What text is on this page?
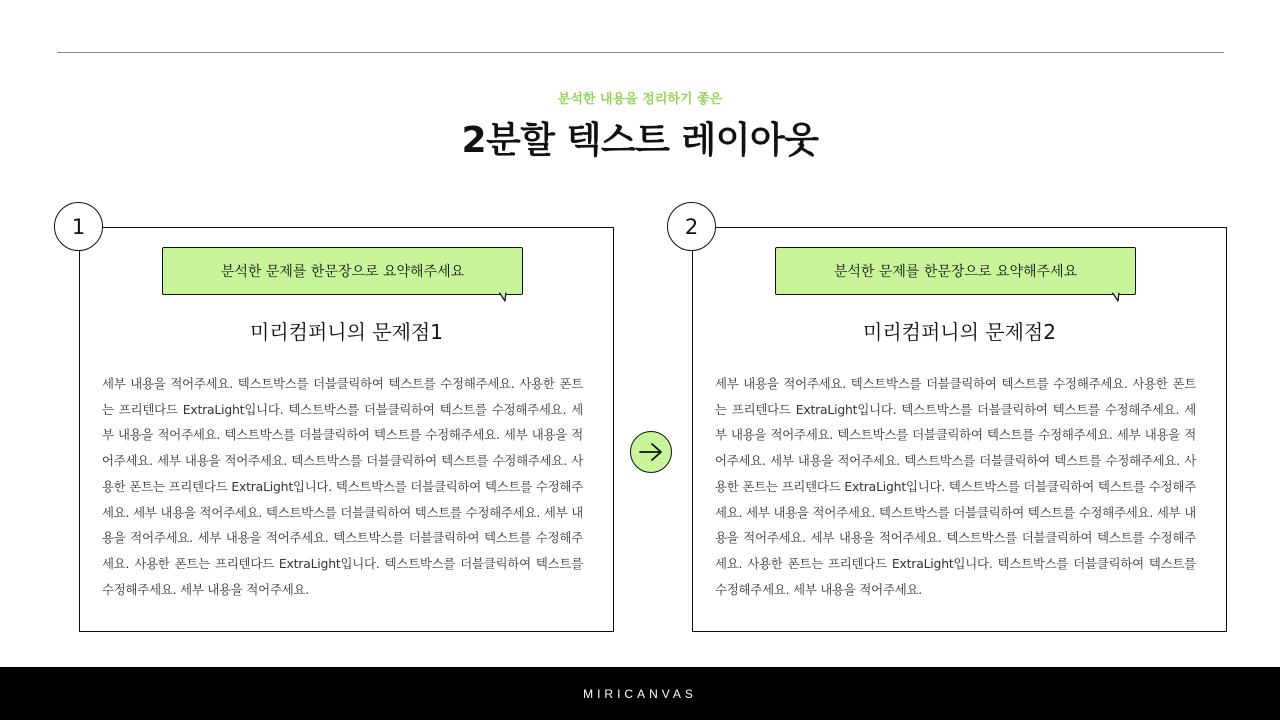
분석한 내용을 정리하기 좋은
2분할 텍스트 레이아웃
분석한 문제를 한문장으로 요약해주세요
미리컴퍼니의 문제점1
세부 내용을 적어주세요. 텍스트박스를 더블클릭하여 텍스트를 수정해주세요. 사용한 폰트는 프리텐다드 ExtraLight입니다. 텍스트박스를 더블클릭하여 텍스트를 수정해주세요. 세부 내용을 적어주세요. 텍스트박스를 더블클릭하여 텍스트를 수정해주세요. 세부 내용을 적어주세요. 세부 내용을 적어주세요. 텍스트박스를 더블클릭하여 텍스트를 수정해주세요. 사용한 폰트는 프리텐다드 ExtraLight입니다. 텍스트박스를 더블클릭하여 텍스트를 수정해주세요. 세부 내용을 적어주세요. 텍스트박스를 더블클릭하여 텍스트를 수정해주세요. 세부 내용을 적어주세요. 세부 내용을 적어주세요. 텍스트박스를 더블클릭하여 텍스트를 수정해주세요. 사용한 폰트는 프리텐다드 ExtraLight입니다. 텍스트박스를 더블클릭하여 텍스트를 수정해주세요. 세부 내용을 적어주세요.
1
분석한 문제를 한문장으로 요약해주세요
미리컴퍼니의 문제점2
세부 내용을 적어주세요. 텍스트박스를 더블클릭하여 텍스트를 수정해주세요. 사용한 폰트는 프리텐다드 ExtraLight입니다. 텍스트박스를 더블클릭하여 텍스트를 수정해주세요. 세부 내용을 적어주세요. 텍스트박스를 더블클릭하여 텍스트를 수정해주세요. 세부 내용을 적어주세요. 세부 내용을 적어주세요. 텍스트박스를 더블클릭하여 텍스트를 수정해주세요. 사용한 폰트는 프리텐다드 ExtraLight입니다. 텍스트박스를 더블클릭하여 텍스트를 수정해주세요. 세부 내용을 적어주세요. 텍스트박스를 더블클릭하여 텍스트를 수정해주세요. 세부 내용을 적어주세요. 세부 내용을 적어주세요. 텍스트박스를 더블클릭하여 텍스트를 수정해주세요. 사용한 폰트는 프리텐다드 ExtraLight입니다. 텍스트박스를 더블클릭하여 텍스트를 수정해주세요. 세부 내용을 적어주세요.
2
MIRICANVAS
